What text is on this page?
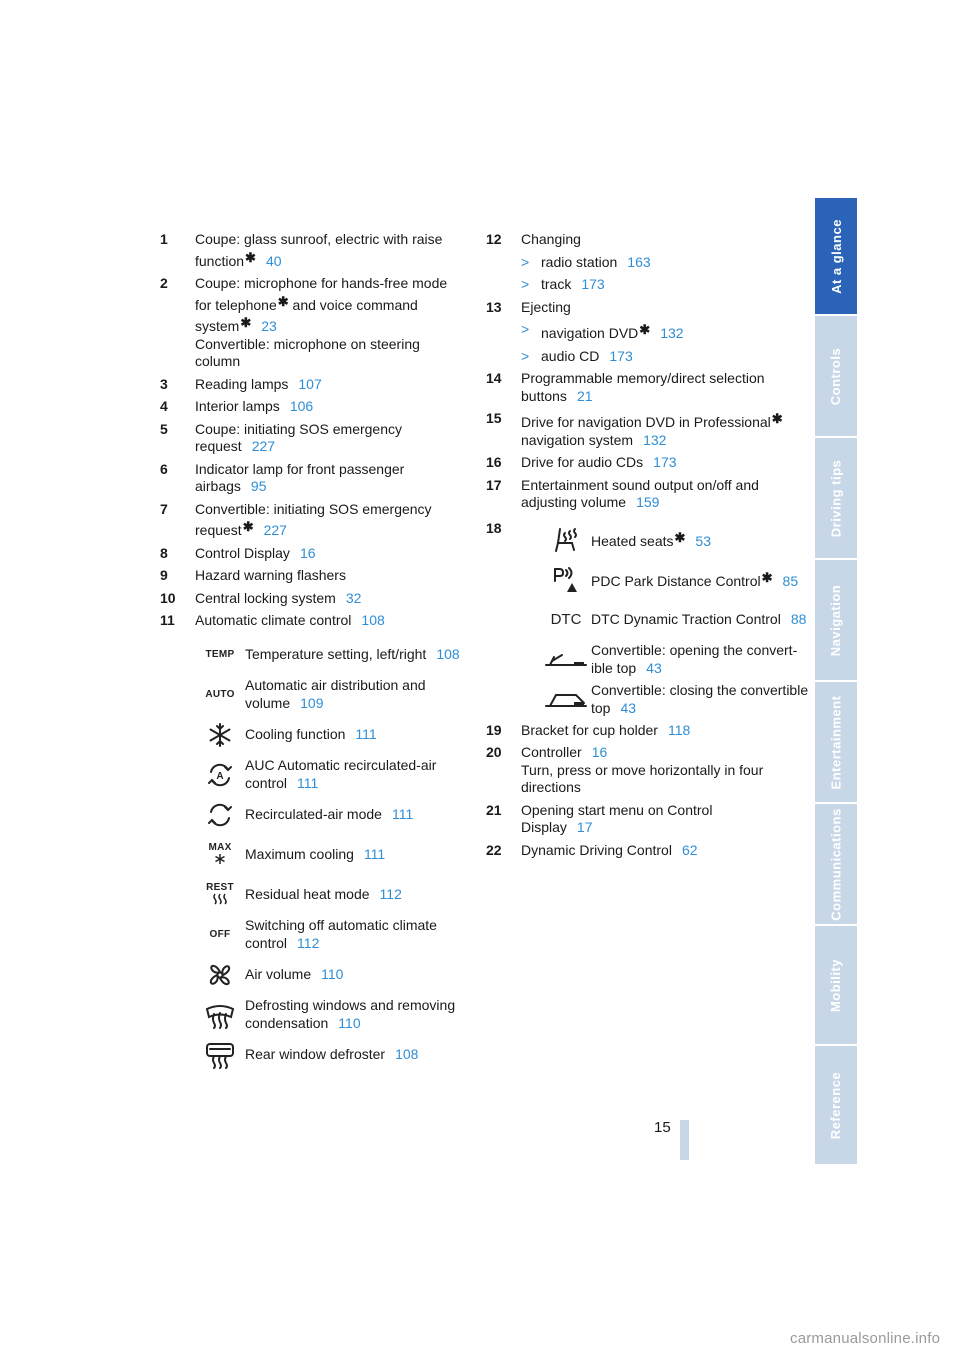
1 Coupe: glass sunroof, electric with raise function✱ 40
2 Coupe: microphone for hands-free mode for telephone✱ and voice command system✱ 23
Convertible: microphone on steering column
3 Reading lamps 107
4 Interior lamps 106
5 Coupe: initiating SOS emergency request 227
6 Indicator lamp for front passenger airbags 95
7 Convertible: initiating SOS emergency request✱ 227
8 Control Display 16
9 Hazard warning flashers
10 Central locking system 32
11 Automatic climate control 108
TEMP Temperature setting, left/right 108
AUTO
Automatic air distribution and volume 109
Cooling function 111
A
AUC Automatic recirculated-air control 111
Recirculated-air mode 111
MAX Maximum cooling 111
REST Residual heat mode 112
OFF
Switching off automatic climate control 112
Air volume 110
Defrosting windows and removing condensation 110
Rear window defroster 108
12 Changing
> radio station 163
> track 173
13 Ejecting
> navigation DVD✱ 132
> audio CD 173
14 Programmable memory/direct selection buttons 21
15 Drive for navigation DVD in Professional✱ navigation system 132
16 Drive for audio CDs 173
17 Entertainment sound output on/off and adjusting volume 159
18
Heated seats✱ 53
PDC Park Distance Control✱ 85
DTC DTC Dynamic Traction Control 88
Convertible: opening the convert-ible top 43
Convertible: closing the convertible top 43
19 Bracket for cup holder 118
20 Controller 16
Turn, press or move horizontally in four directions
21 Opening start menu on Control Display 17
22 Dynamic Driving Control 62
At a glance
Controls
Driving tips
Navigation
Entertainment
Communications
Mobility
Reference
15
carmanualsonline.info
